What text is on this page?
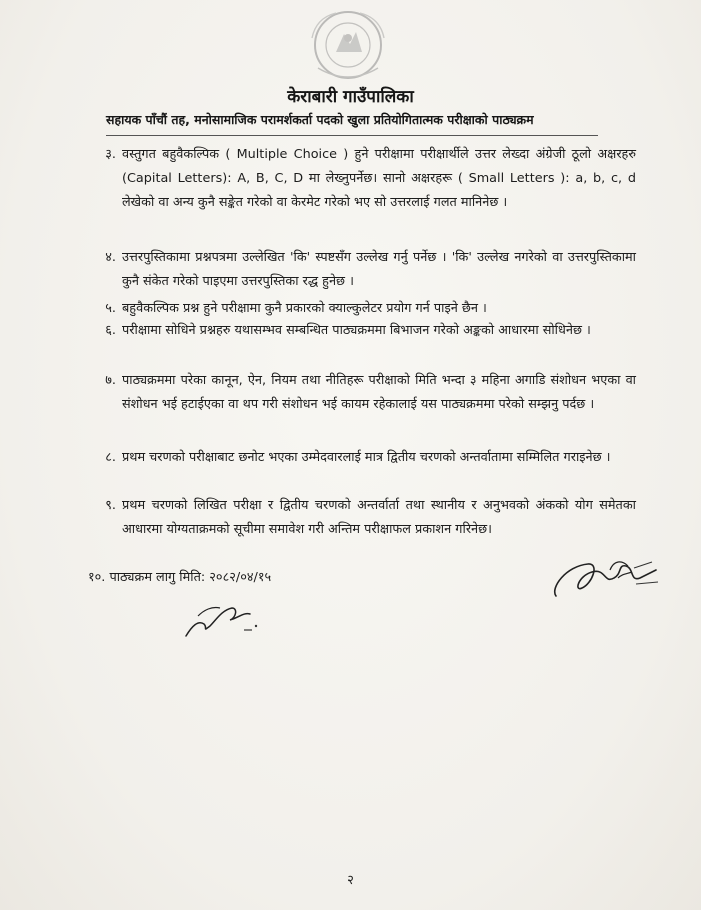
केराबारी गाउँपालिका
सहायक पाँचौं तह, मनोसामाजिक परामर्शकर्ता पदको खुला प्रतियोगितात्मक परीक्षाको पाठ्यक्रम
३. वस्तुगत बहुवैकल्पिक ( Multiple Choice ) हुने परीक्षामा परीक्षार्थीले उत्तर लेख्दा अंग्रेजी ठूलो अक्षरहरु (Capital Letters): A, B, C, D मा लेख्नुपर्नेछ। सानो अक्षरहरू ( Small Letters ): a, b, c, d लेखेको वा अन्य कुनै सङ्केत गरेको वा केरमेट गरेको भए सो उत्तरलाई गलत मानिनेछ ।
४. उत्तरपुस्तिकामा प्रश्नपत्रमा उल्लेखित 'कि' स्पष्टसँग उल्लेख गर्नु पर्नेछ । 'कि' उल्लेख नगरेको वा उत्तरपुस्तिकामा कुनै संकेत गरेको पाइएमा उत्तरपुस्तिका रद्ध हुनेछ ।
५. बहुवैकल्पिक प्रश्न हुने परीक्षामा कुनै प्रकारको क्याल्कुलेटर प्रयोग गर्न पाइने छैन ।
६. परीक्षामा सोधिने प्रश्नहरु यथासम्भव सम्बन्धित पाठ्यक्रममा बिभाजन गरेको अङ्कको आधारमा सोधिनेछ ।
७. पाठ्यक्रममा परेका कानून, ऐन, नियम तथा नीतिहरू परीक्षाको मिति भन्दा ३ महिना अगाडि संशोधन भएका वा संशोधन भई हटाईएका वा थप गरी संशोधन भई कायम रहेकालाई यस पाठ्यक्रममा परेको सम्झनु पर्दछ ।
८. प्रथम चरणको परीक्षाबाट छनोट भएका उम्मेदवारलाई मात्र द्वितीय चरणको अन्तर्वातामा सम्मिलित गराइनेछ ।
९. प्रथम चरणको लिखित परीक्षा र द्वितीय चरणको अन्तर्वार्ता तथा स्थानीय र अनुभवको अंकको योग समेतका आधारमा योग्यताक्रमको सूचीमा समावेश गरी अन्तिम परीक्षाफल प्रकाशन गरिनेछ।
१०. पाठ्यक्रम लागु मिति: २०८२/०४/१५
२
